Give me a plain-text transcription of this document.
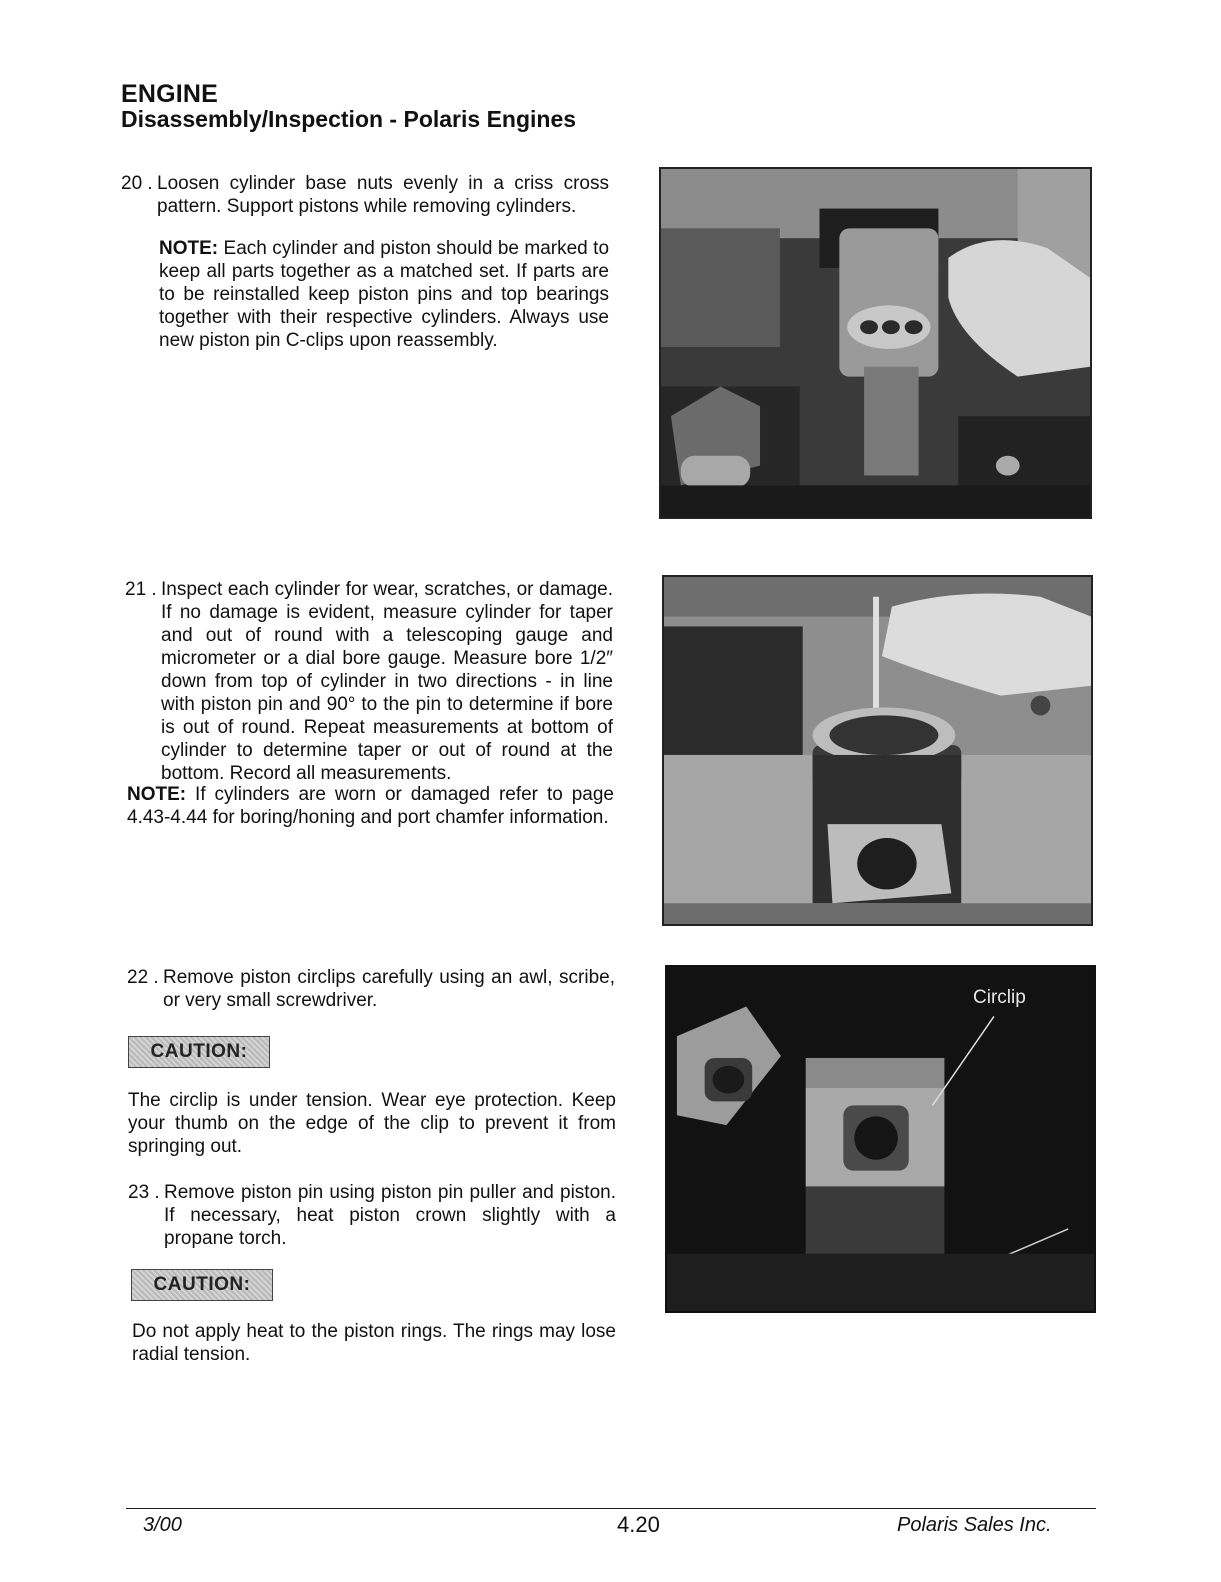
ENGINE
Disassembly/Inspection - Polaris Engines
20 . Loosen cylinder base nuts evenly in a criss cross pattern. Support pistons while removing cylinders.
NOTE: Each cylinder and piston should be marked to keep all parts together as a matched set. If parts are to be reinstalled keep piston pins and top bearings together with their respective cylinders. Always use new piston pin C-clips upon reassembly.
21 . Inspect each cylinder for wear, scratches, or damage. If no damage is evident, measure cylinder for taper and out of round with a telescoping gauge and micrometer or a dial bore gauge. Measure bore 1/2″ down from top of cylinder in two directions - in line with piston pin and 90° to the pin to determine if bore is out of round. Repeat measurements at bottom of cylinder to determine taper or out of round at the bottom. Record all measurements.
NOTE: If cylinders are worn or damaged refer to page 4.43-4.44 for boring/honing and port chamfer information.
22 . Remove piston circlips carefully using an awl, scribe, or very small screwdriver.
CAUTION:
The circlip is under tension. Wear eye protection. Keep your thumb on the edge of the clip to prevent it from springing out.
23 . Remove piston pin using piston pin puller and piston. If necessary, heat piston crown slightly with a propane torch.
CAUTION:
Do not apply heat to the piston rings. The rings may lose radial tension.
Circlip
3/00	4.20	Polaris Sales Inc.
